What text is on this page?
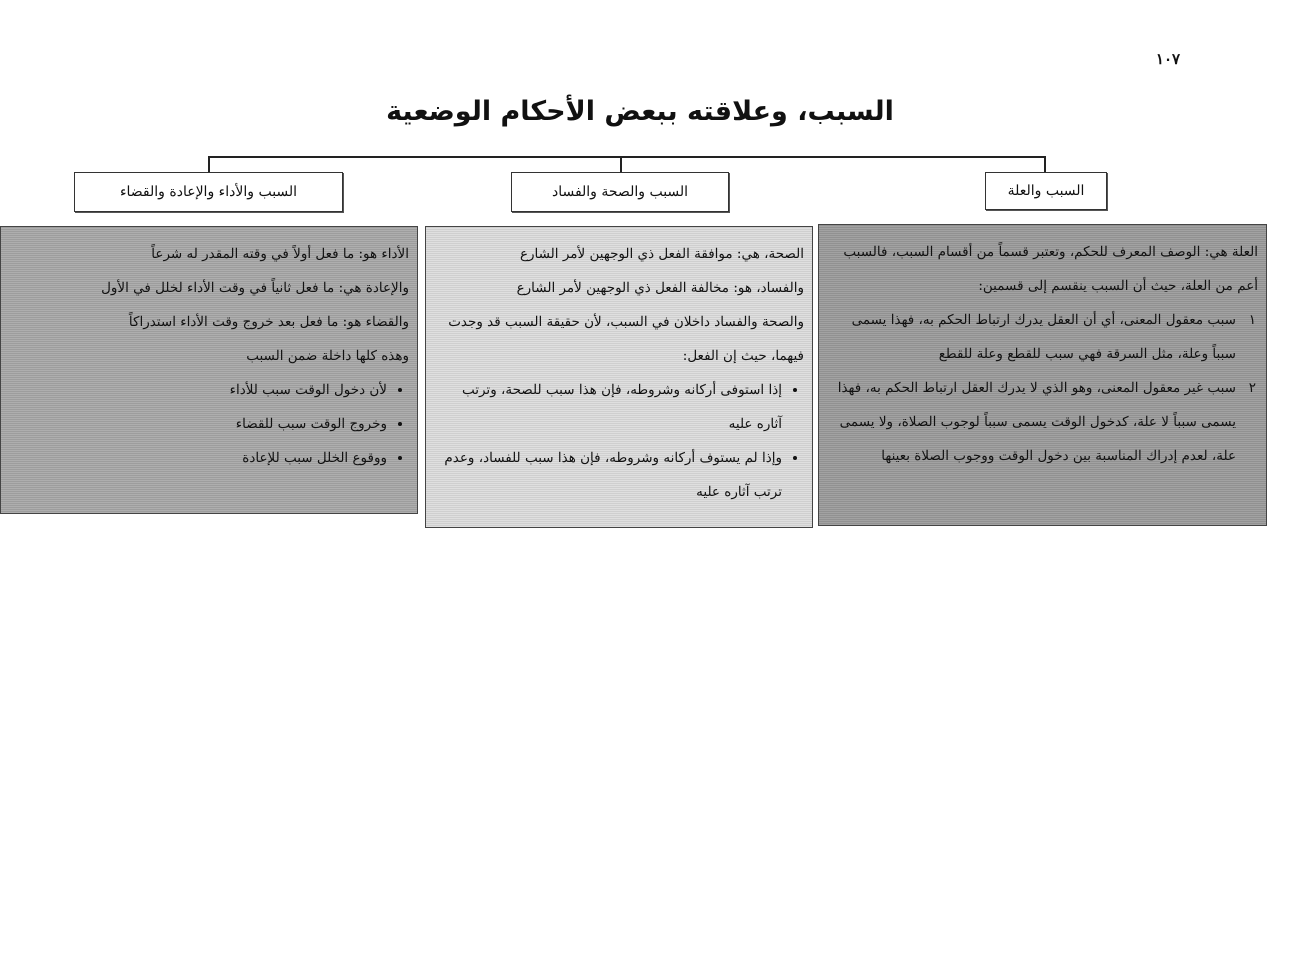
١٠٧
السبب، وعلاقته ببعض الأحكام الوضعية
السبب والعلة
السبب والصحة والفساد
السبب والأداء والإعادة والقضاء

العلة هي: الوصف المعرف للحكم، وتعتبر قسماً من أقسام السبب، فالسبب أعم من العلة، حيث أن السبب ينقسم إلى قسمين:

١
سبب معقول المعنى، أي أن العقل يدرك ارتباط الحكم به، فهذا يسمى سبباً وعلة، مثل السرقة فهي سبب للقطع وعلة للقطع
٢
سبب غير معقول المعنى، وهو الذي لا يدرك العقل ارتباط الحكم به، فهذا يسمى سبباً لا علة، كدخول الوقت يسمى سبباً لوجوب الصلاة، ولا يسمى علة، لعدم إدراك المناسبة بين دخول الوقت ووجوب الصلاة بعينها

الصحة، هي: موافقة الفعل ذي الوجهين لأمر الشارع

والفساد، هو: مخالفة الفعل ذي الوجهين لأمر الشارع

والصحة والفساد داخلان في السبب، لأن حقيقة السبب قد وجدت فيهما، حيث إن الفعل:

• إذا استوفى أركانه وشروطه، فإن هذا سبب للصحة، وترتب آثاره عليه
• وإذا لم يستوف أركانه وشروطه، فإن هذا سبب للفساد، وعدم ترتب آثاره عليه

الأداء هو: ما فعل أولاً في وقته المقدر له شرعاً

والإعادة هي: ما فعل ثانياً في وقت الأداء لخلل في الأول

والقضاء هو: ما فعل بعد خروج وقت الأداء استدراكاً

وهذه كلها داخلة ضمن السبب

• لأن دخول الوقت سبب للأداء
• وخروج الوقت سبب للقضاء
• ووقوع الخلل سبب للإعادة
